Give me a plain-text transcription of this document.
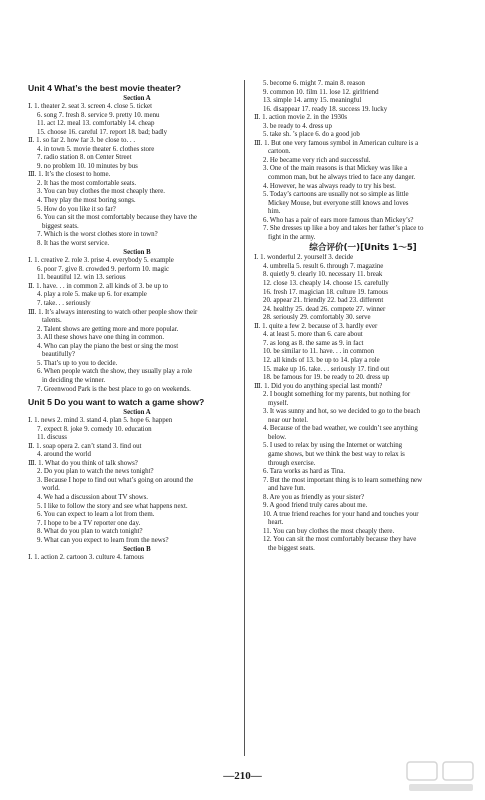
Unit 4 What’s the best movie theater?
Section A
Ⅰ. 1. theater 2. seat 3. screen 4. close 5. ticket
6. song 7. fresh 8. service 9. pretty 10. menu
11. act 12. meal 13. comfortably 14. cheap
15. choose 16. careful 17. report 18. bad; badly
Ⅱ. 1. so far 2. how far 3. be close to. . .
4. in town 5. movie theater 6. clothes store
7. radio station 8. on Center Street
9. no problem 10. 10 minutes by bus
Ⅲ. 1. It’s the closest to home.
2. It has the most comfortable seats.
3. You can buy clothes the most cheaply there.
4. They play the most boring songs.
5. How do you like it so far?
6. You can sit the most comfortably because they have the
biggest seats.
7. Which is the worst clothes store in town?
8. It has the worst service.
Section B
Ⅰ. 1. creative 2. role 3. prise 4. everybody 5. example
6. poor 7. give 8. crowded 9. perform 10. magic
11. beautiful 12. win 13. serious
Ⅱ. 1. have. . . in common 2. all kinds of 3. be up to
4. play a role 5. make up 6. for example
7. take. . . seriously
Ⅲ. 1. It’s always interesting to watch other people show their
talents.
2. Talent shows are getting more and more popular.
3. All these shows have one thing in common.
4. Who can play the piano the best or sing the most
beautifully?
5. That’s up to you to decide.
6. When people watch the show, they usually play a role
in deciding the winner.
7. Greenwood Park is the best place to go on weekends.
Unit 5 Do you want to watch a game show?
Section A
Ⅰ. 1. news 2. mind 3. stand 4. plan 5. hope 6. happen
7. expect 8. joke 9. comedy 10. education
11. discuss
Ⅱ. 1. soap opera 2. can’t stand 3. find out
4. around the world
Ⅲ. 1. What do you think of talk shows?
2. Do you plan to watch the news tonight?
3. Because I hope to find out what’s going on around the
world.
4. We had a discussion about TV shows.
5. I like to follow the story and see what happens next.
6. You can expect to learn a lot from them.
7. I hope to be a TV reporter one day.
8. What do you plan to watch tonight?
9. What can you expect to learn from the news?
Section B
Ⅰ. 1. action 2. cartoon 3. culture 4. famous
5. become 6. might 7. main 8. reason
9. common 10. film 11. lose 12. girlfriend
13. simple 14. army 15. meaningful
16. disappear 17. ready 18. success 19. lucky
Ⅱ. 1. action movie 2. in the 1930s
3. be ready to 4. dress up
5. take sh. ’s place 6. do a good job
Ⅲ. 1. But one very famous symbol in American culture is a
cartoon.
2. He became very rich and successful.
3. One of the main reasons is that Mickey was like a
common man, but he always tried to face any danger.
4. However, he was always ready to try his best.
5. Today’s cartoons are usually not so simple as little
Mickey Mouse, but everyone still knows and loves
him.
6. Who has a pair of ears more famous than Mickey’s?
7. She dresses up like a boy and takes her father’s place to
fight in the army.
综合评价(一)[Units 1～5]
Ⅰ. 1. wonderful 2. yourself 3. decide
4. umbrella 5. result 6. through 7. magazine
8. quietly 9. clearly 10. necessary 11. break
12. close 13. cheaply 14. choose 15. carefully
16. fresh 17. magician 18. culture 19. famous
20. appear 21. friendly 22. bad 23. different
24. healthy 25. dead 26. compete 27. winner
28. seriously 29. comfortably 30. serve
Ⅱ. 1. quite a few 2. because of 3. hardly ever
4. at least 5. more than 6. care about
7. as long as 8. the same as 9. in fact
10. be similar to 11. have. . . in common
12. all kinds of 13. be up to 14. play a role
15. make up 16. take. . . seriously 17. find out
18. be famous for 19. be ready to 20. dress up
Ⅲ. 1. Did you do anything special last month?
2. I bought something for my parents, but nothing for
myself.
3. It was sunny and hot, so we decided to go to the beach
near our hotel.
4. Because of the bad weather, we couldn’t see anything
below.
5. I used to relax by using the Internet or watching
game shows, but we think the best way to relax is
through exercise.
6. Tara works as hard as Tina.
7. But the most important thing is to learn something new
and have fun.
8. Are you as friendly as your sister?
9. A good friend truly cares about me.
10. A true friend reaches for your hand and touches your
heart.
11. You can buy clothes the most cheaply there.
12. You can sit the most comfortably because they have
the biggest seats.
—210—
